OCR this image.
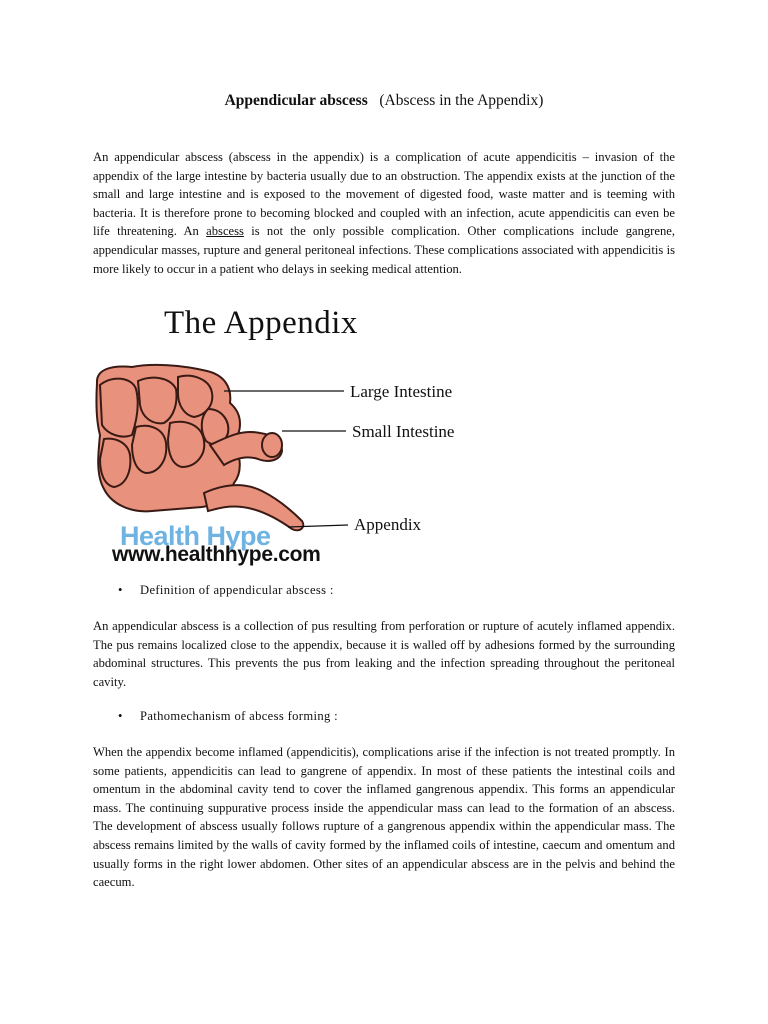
Appendicular abscess (Abscess in the Appendix)
An appendicular abscess (abscess in the appendix) is a complication of acute appendicitis – invasion of the appendix of the large intestine by bacteria usually due to an obstruction. The appendix exists at the junction of the small and large intestine and is exposed to the movement of digested food, waste matter and is teeming with bacteria. It is therefore prone to becoming blocked and coupled with an infection, acute appendicitis can even be life threatening. An abscess is not the only possible complication. Other complications include gangrene, appendicular masses, rupture and general peritoneal infections. These complications associated with appendicitis is more likely to occur in a patient who delays in seeking medical attention.
The Appendix
Large Intestine
Small Intestine
Appendix
Health Hype
www.healthhype.com
• Definition of appendicular abscess :
An appendicular abscess is a collection of pus resulting from perforation or rupture of acutely inflamed appendix. The pus remains localized close to the appendix, because it is walled off by adhesions formed by the surrounding abdominal structures. This prevents the pus from leaking and the infection spreading throughout the peritoneal cavity.
• Pathomechanism of abcess forming :
When the appendix become inflamed (appendicitis), complications arise if the infection is not treated promptly. In some patients, appendicitis can lead to gangrene of appendix. In most of these patients the intestinal coils and omentum in the abdominal cavity tend to cover the inflamed gangrenous appendix. This forms an appendicular mass. The continuing suppurative process inside the appendicular mass can lead to the formation of an abscess. The development of abscess usually follows rupture of a gangrenous appendix within the appendicular mass. The abscess remains limited by the walls of cavity formed by the inflamed coils of intestine, caecum and omentum and usually forms in the right lower abdomen. Other sites of an appendicular abscess are in the pelvis and behind the caecum.
